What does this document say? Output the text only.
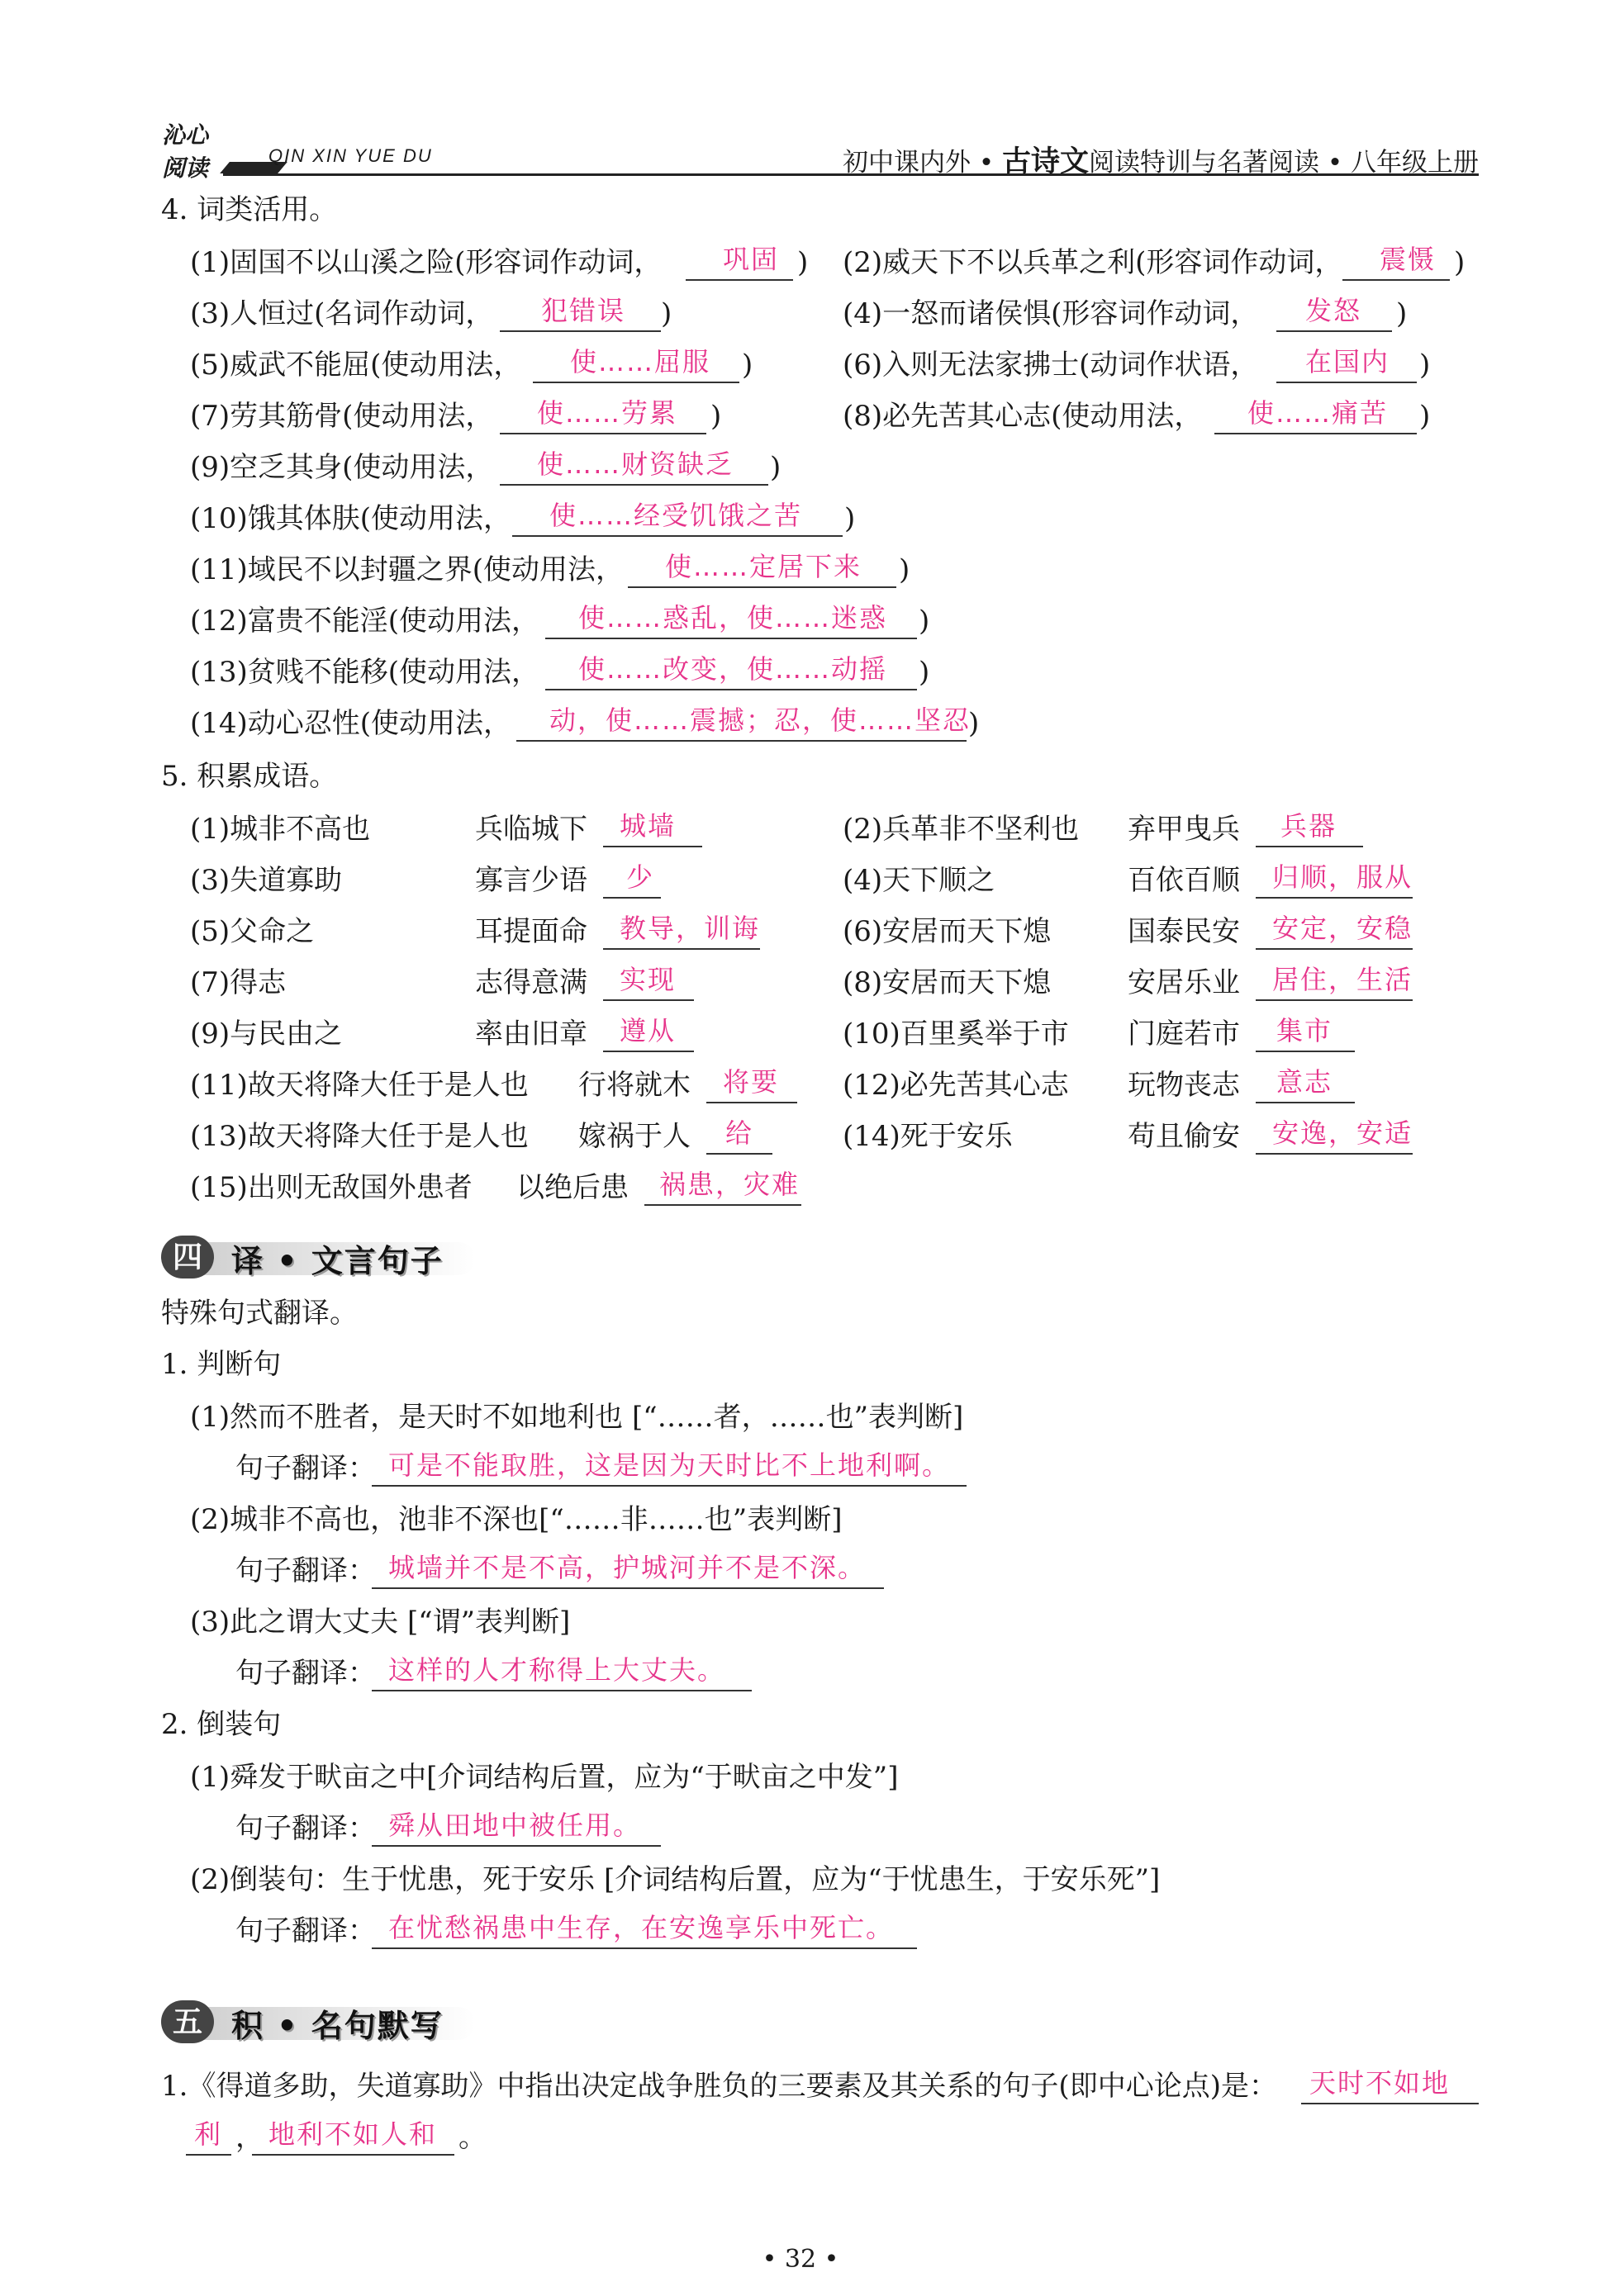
沁心
阅读	QIN XIN YUE DU	初中课内外 • 古诗文阅读特训与名著阅读 • 八年级上册
4. 词类活用。
(1)固国不以山溪之险(形容词作动词， 巩固 ) (2)威天下不以兵革之利(形容词作动词， 震慑 )
(3)人恒过(名词作动词， 犯错误 )	(4)一怒而诸侯惧(形容词作动词， 发怒 )
(5)威武不能屈(使动用法， 使……屈服 )	(6)入则无法家拂士(动词作状语， 在国内 )
(7)劳其筋骨(使动用法， 使……劳累 )	(8)必先苦其心志(使动用法， 使……痛苦 )
(9)空乏其身(使动用法， 使……财资缺乏 )
(10)饿其体肤(使动用法， 使……经受饥饿之苦 )
(11)域民不以封疆之界(使动用法， 使……定居下来 )
(12)富贵不能淫(使动用法， 使……惑乱，使……迷惑 )
(13)贫贱不能移(使动用法， 使……改变，使……动摇 )
(14)动心忍性(使动用法， 动，使……震撼；忍，使……坚忍
)
5. 积累成语。
(1)城非不高也	兵临城下 城墙	(2)兵革非不坚利也 弃甲曳兵 兵器
(3)失道寡助	寡言少语 少	(4)天下顺之	百依百顺 归顺，服从
(5)父命之	耳提面命 教导，训诲	(6)安居而天下熄	国泰民安 安定，安稳
(7)得志	志得意满 实现	(8)安居而天下熄	安居乐业 居住，生活
(9)与民由之	率由旧章 遵从	(10)百里奚举于市 门庭若市 集市
(11)故天将降大任于是人也 行将就木 将要 (12)必先苦其心志 玩物丧志 意志
(13)故天将降大任于是人也 嫁祸于人 给	(14)死于安乐	苟且偷安 安逸，安适
(15)出则无敌国外患者 以绝后患 祸患，灾难
四 译 • 文言句子
特殊句式翻译。
1. 判断句
(1)然而不胜者，是天时不如地利也 [“……者，……也”表判断]
句子翻译： 可是不能取胜，这是因为天时比不上地利啊。
(2)城非不高也，池非不深也[“……非……也”表判断]
句子翻译： 城墙并不是不高，护城河并不是不深。
(3)此之谓大丈夫 [“谓”表判断]
句子翻译： 这样的人才称得上大丈夫。
2. 倒装句
(1)舜发于畎亩之中[介词结构后置，应为“于畎亩之中发”]
句子翻译： 舜从田地中被任用。
(2)倒装句：生于忧患，死于安乐 [介词结构后置，应为“于忧患生，于安乐死”]
句子翻译： 在忧愁祸患中生存，在安逸享乐中死亡。
五 积 • 名句默写
1.《得道多助，失道寡助》中指出决定战争胜负的三要素及其关系的句子(即中心论点)是： 天时不如地
利 ， 地利不如人和 。
• 32 •
